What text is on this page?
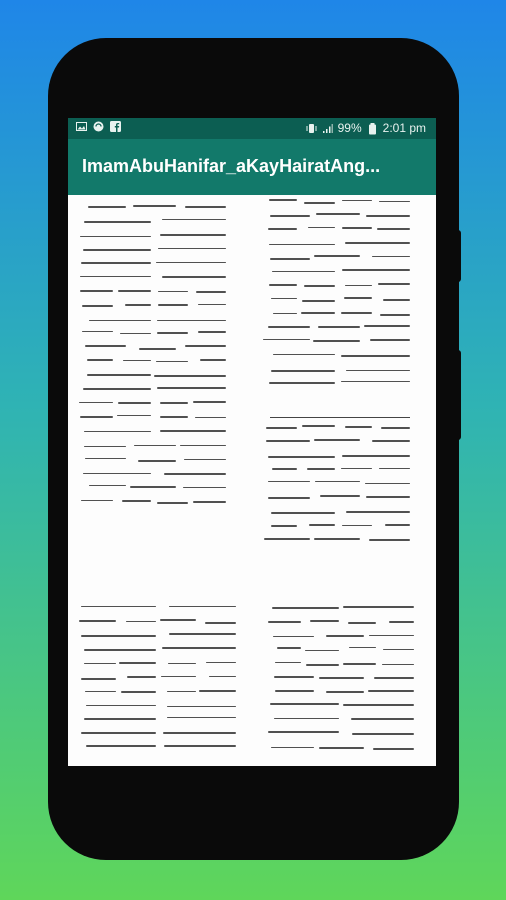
99% 2:01 pm
ImamAbuHanifar_aKayHairatAng...
